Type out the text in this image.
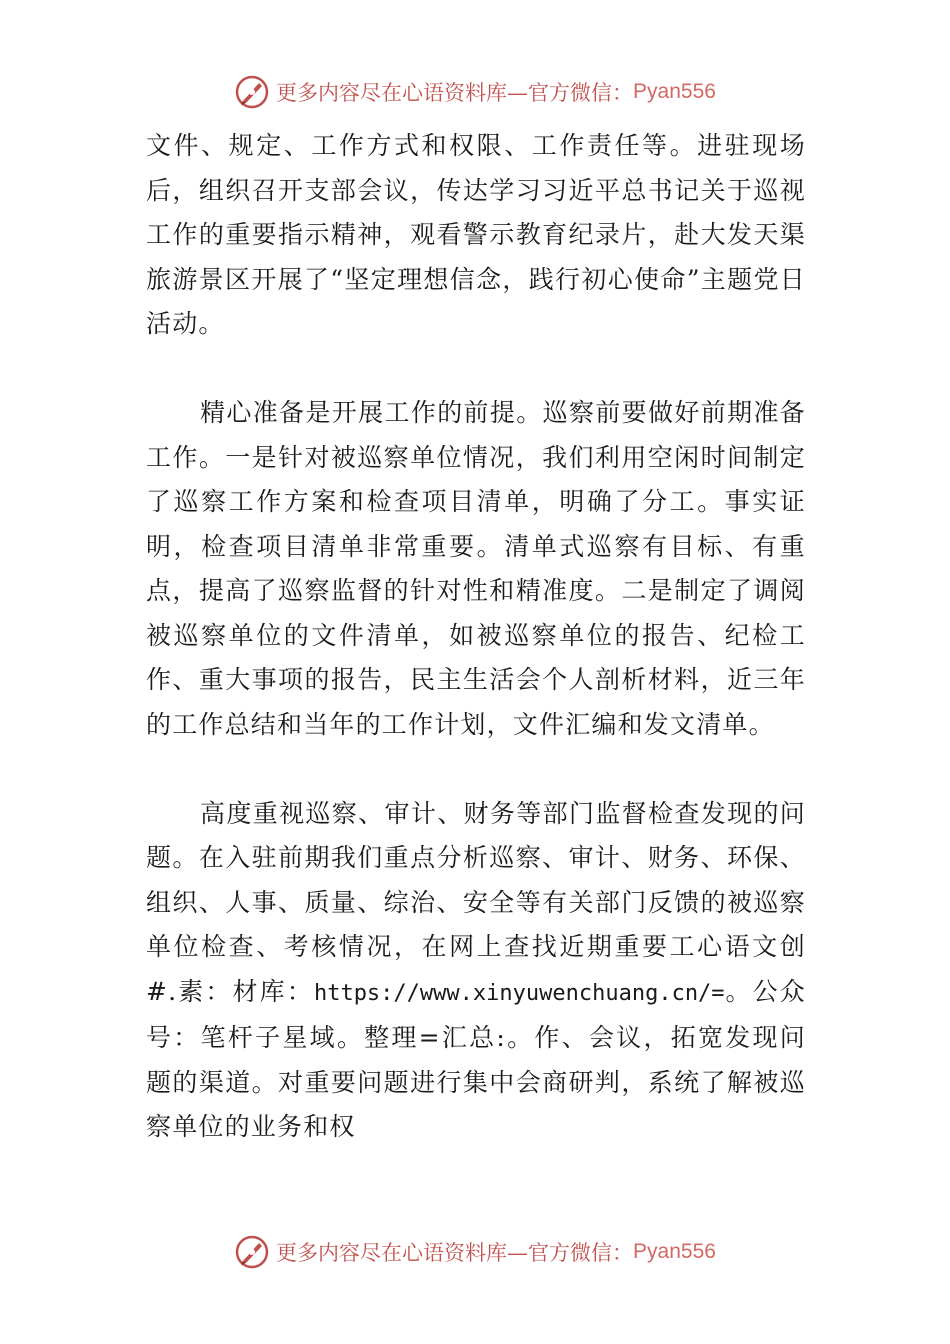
更多内容尽在心语资料库—官方微信： Pyan556

文件、规定、工作方式和权限、工作责任等。进驻现场后，组织召开支部会议，传达学习习近平总书记关于巡视工作的重要指示精神，观看警示教育纪录片，赴大发天渠旅游景区开展了“坚定理想信念，践行初心使命”主题党日活动。

精心准备是开展工作的前提。巡察前要做好前期准备工作。一是针对被巡察单位情况，我们利用空闲时间制定了巡察工作方案和检查项目清单，明确了分工。事实证明，检查项目清单非常重要。清单式巡察有目标、有重点，提高了巡察监督的针对性和精准度。二是制定了调阅被巡察单位的文件清单，如被巡察单位的报告、纪检工作、重大事项的报告，民主生活会个人剖析材料，近三年的工作总结和当年的工作计划，文件汇编和发文清单。

高度重视巡察、审计、财务等部门监督检查发现的问题。在入驻前期我们重点分析巡察、审计、财务、环保、组织、人事、质量、综治、安全等有关部门反馈的被巡察单位检查、考核情况，在网上查找近期重要工心语文创#.素：材库：https://www.xinyuwenchuang.cn/=。公众号：笔杆子星域。整理=汇总:。作、会议，拓宽发现问题的渠道。对重要问题进行集中会商研判，系统了解被巡察单位的业务和权

更多内容尽在心语资料库—官方微信： Pyan556
